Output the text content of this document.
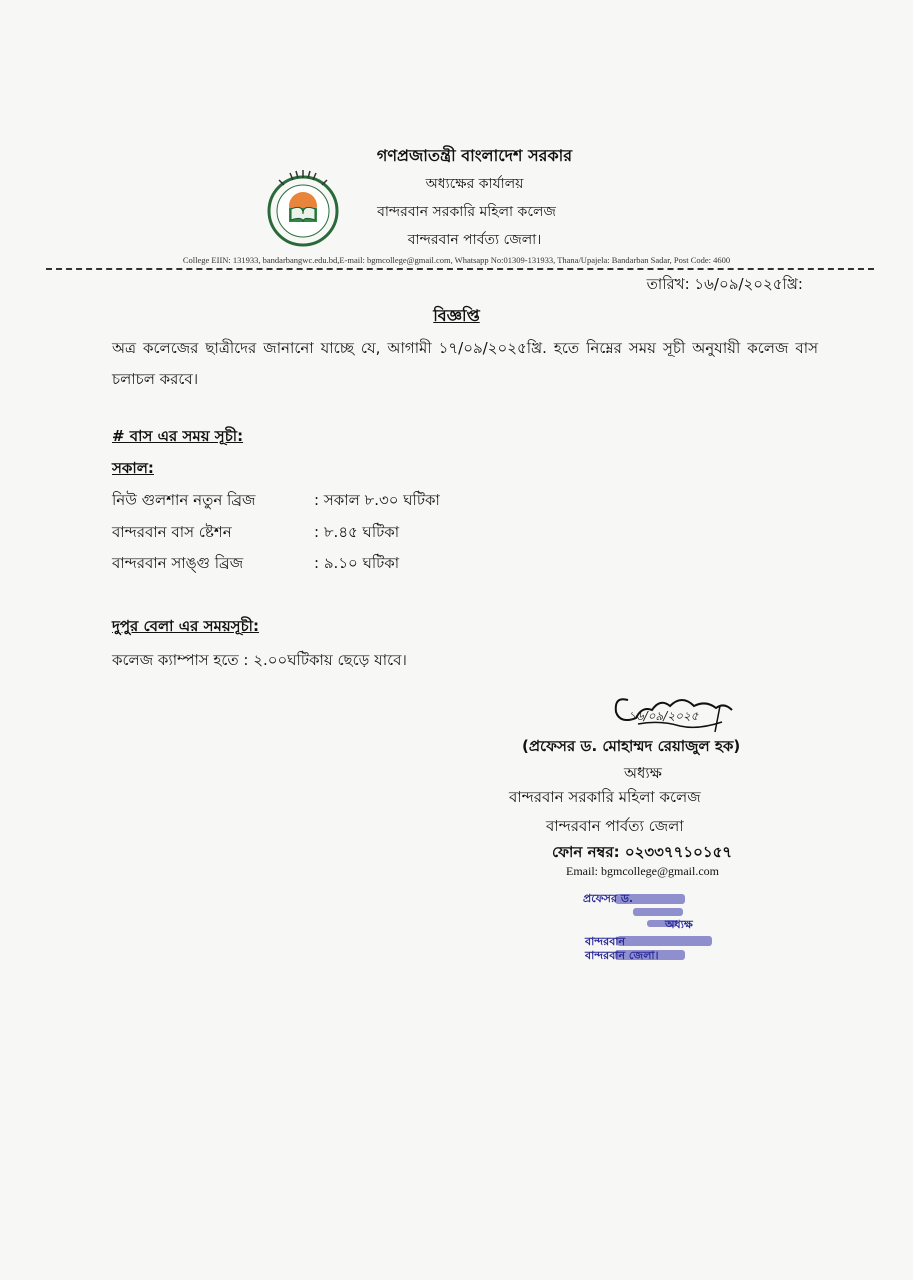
গণপ্রজাতন্ত্রী বাংলাদেশ সরকার
অধ্যক্ষের কার্যালয়
বান্দরবান সরকারি মহিলা কলেজ
বান্দরবান পার্বত্য জেলা।
College EIIN: 131933, bandarbangwc.edu.bd,E-mail: bgmcollege@gmail.com, Whatsapp No:01309-131933, Thana/Upajela: Bandarban Sadar, Post Code: 4600
তারিখ: ১৬/০৯/২০২৫খ্রি:
বিজ্ঞপ্তি
অত্র কলেজের ছাত্রীদের জানানো যাচ্ছে যে, আগামী ১৭/০৯/২০২৫খ্রি. হতে নিম্নের সময় সূচী অনুযায়ী কলেজ বাস চলাচল করবে।
# বাস এর সময় সূচী:
সকাল:
নিউ গুলশান নতুন ব্রিজ	: সকাল ৮.৩০ ঘটিকা
বান্দরবান বাস ষ্টেশন	: ৮.৪৫ ঘটিকা
বান্দরবান সাঙ্গু ব্রিজ	: ৯.১০ ঘটিকা
দুপুর বেলা এর সময়সূচী:
কলেজ ক্যাম্পাস হতে : ২.০০ঘটিকায় ছেড়ে যাবে।
১৬/০৯/২০২৫
(প্রফেসর ড. মোহাম্মদ রেয়াজুল হক)
অধ্যক্ষ
বান্দরবান সরকারি মহিলা কলেজ
বান্দরবান পার্বত্য জেলা
ফোন নম্বর: ০২৩৩৭৭১০১৫৭
Email: bgmcollege@gmail.com
প্রফেসর ড.
অধ্যক্ষ
বান্দরবান
বান্দরবান জেলা।
